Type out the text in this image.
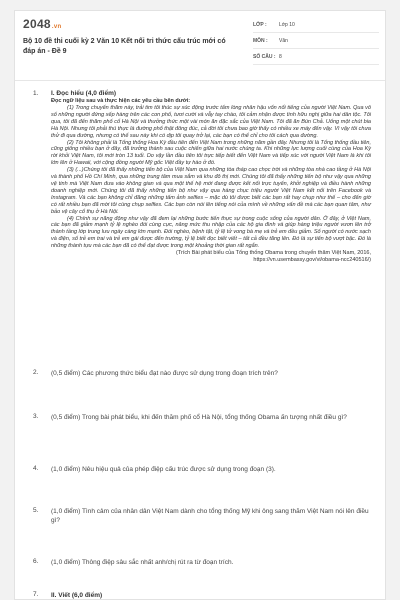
2048.vn
Bộ 10 đề thi cuối kỳ 2 Văn 10 Kết nối tri thức cấu trúc mới có đáp án - Đề 9
LỚP :	Lớp 10
MÔN :	Văn
SỐ CÂU : 8
1. I. Đọc hiểu (4,0 điểm)
Đọc ngữ liệu sau và thực hiện các yêu cầu bên dưới:
(1) Trong chuyến thăm này, trải tim tôi thúc sự xúc động trước tấm lòng nhân hậu vốn nổi tiếng của người Việt Nam. Qua vô số những người đứng xếp hàng trên các con phố, tươi cười và vẫy tay chào, tôi cảm nhận được tình hữu nghị giữa hai dân tộc. Tôi qua, tôi đã đến thăm phố cổ Hà Nội và thưởng thức một vài món ăn đặc sắc của Việt Nam. Tôi đã ăn Bún Chả. Uống một chút bia Hà Nội. Nhưng tôi phải thú thực là đường phố thật đông đúc, cả đời tôi chưa bao giờ thấy có nhiều xe máy đến vậy. Vì vậy tôi chưa thử đi qua đường, nhưng có thể sau này khi có dịp tôi quay trở lại, các bạn có thể chỉ cho tôi cách qua đường.
(2) Tôi không phải là Tổng thống Hoa Kỳ đầu tiên đến Việt Nam trong những năm gần đây. Nhưng tôi là Tổng thống đầu tiên, cũng giống nhiều bạn ở đây, đã trưởng thành sau cuộc chiến giữa hai nước chúng ta. Khi những lực lượng cuối cùng của Hoa Kỳ rời khỏi Việt Nam, tôi mới tròn 13 tuổi. Do vậy lần đầu tiên tôi trực tiếp biết đến Việt Nam và tiếp xúc với người Việt Nam là khi tôi lớn lên ở Hawaii, với cộng đồng người Mỹ gốc Việt đầy tự hào ở đó.
(3) (...)Chúng tôi đã thấy những tiến bộ của Việt Nam qua những tòa tháp cao chọc trời và những tòa nhà cao tầng ở Hà Nội và thành phố Hồ Chí Minh, qua những trung tâm mua sắm và khu đô thị mới. Chúng tôi đã thấy những tiến bộ như vậy qua những vệ tinh mà Việt Nam đưa vào không gian và qua một thế hệ mới đang được kết nối trực tuyến, khởi nghiệp và điều hành những doanh nghiệp mới. Chúng tôi đã thấy những tiến bộ như vậy qua hàng chục triệu người Việt Nam kết nối trên Facebook và Instagram. Và các bạn không chỉ đăng những tấm ảnh selfies – mặc dù tôi được biết các bạn rất hay chụp như thế – cho đến giờ có rất nhiều bạn đã mời tôi cùng chụp selfies. Các bạn còn nói lên tiếng nói của mình về những vấn đề mà các bạn quan tâm, như bảo vệ cây cổ thụ ở Hà Nội.
(4) Chính sự năng động như vậy đã đem lại những bước tiến thực sự trong cuộc sống của người dân. Ở đây, ở Việt Nam, các bạn đã giảm mạnh tỷ lệ nghèo đói cùng cực, nâng mức thu nhập của các hộ gia đình và giúp hàng triệu người vươn lên trở thành tầng lớp trung lưu ngày càng lớn mạnh. Đói nghèo, bệnh tật, tỷ lệ tử vong bà mẹ và trẻ em đều giảm. Số người có nước sạch và điện, số trẻ em trai và trẻ em gái được đến trường, tỷ lệ biết đọc biết viết – tất cả đều tăng lên. Đó là sự tiến bộ vượt bậc. Đó là những thành tựu mà các bạn đã có thể đạt được trong một khoảng thời gian rất ngắn.
(Trích Bài phát biểu của Tổng thống Obama trong chuyến thăm Việt Nam, 2016,
https://vn.usembassy.gov/vi/obama-ncc240516/)
2. (0,5 điểm) Các phương thức biểu đạt nào được sử dụng trong đoạn trích trên?
3. (0,5 điểm) Trong bài phát biểu, khi đến thăm phố cổ Hà Nội, tổng thống Obama ấn tượng nhất điều gì?
4. (1,0 điểm) Nêu hiệu quả của phép điệp cấu trúc được sử dụng trong đoạn (3).
5. (1,0 điểm) Tình cảm của nhân dân Việt Nam dành cho tổng thống Mỹ khi ông sang thăm Việt Nam nói lên điều gì?
6. (1,0 điểm) Thông điệp sâu sắc nhất anh/chị rút ra từ đoạn trích.
7. II. Viết (6,0 điểm)
